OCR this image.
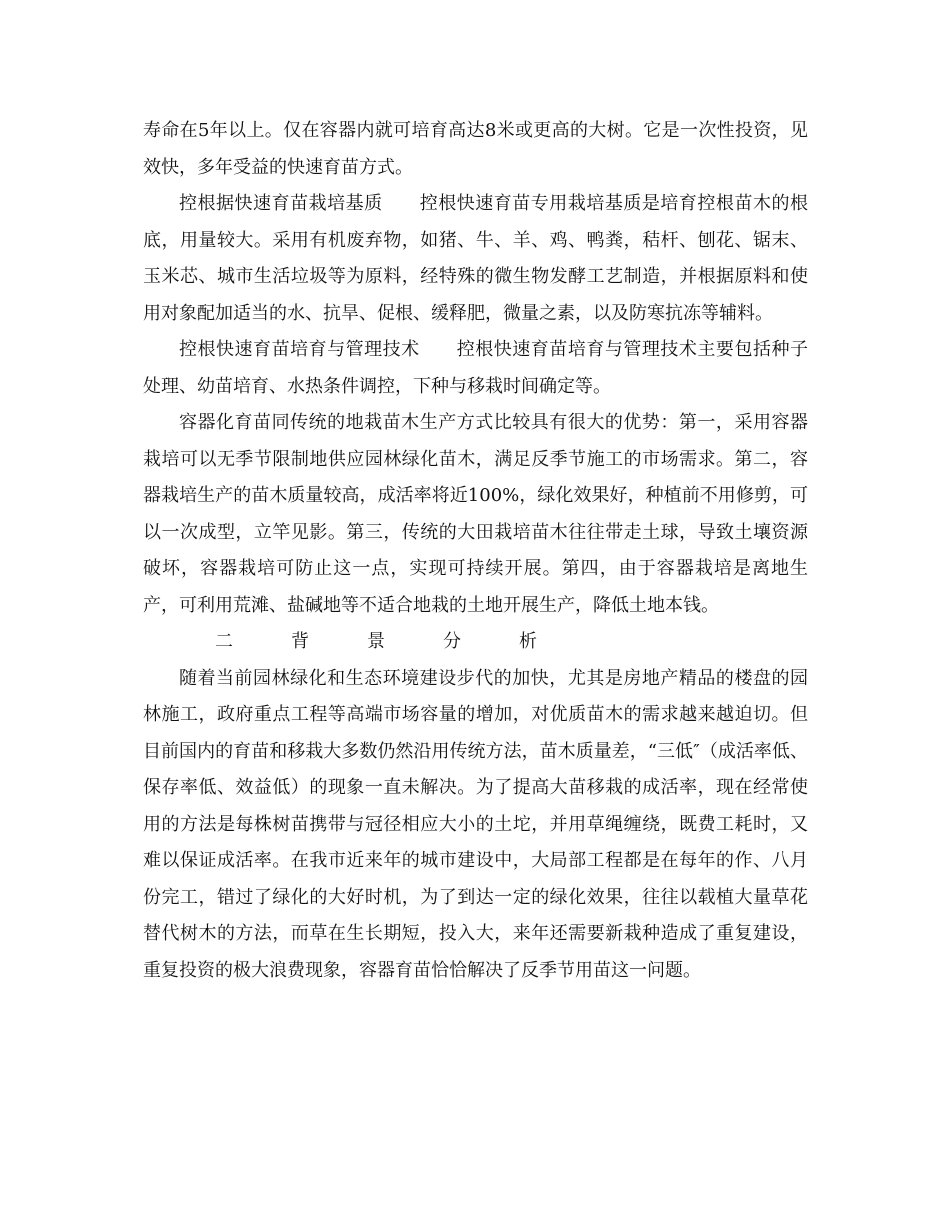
寿命在5年以上。仅在容器内就可培育高达8米或更高的大树。它是一次性投资，见效快，多年受益的快速育苗方式。

控根据快速育苗栽培基质　　控根快速育苗专用栽培基质是培育控根苗木的根底，用量较大。采用有机废弃物，如猪、牛、羊、鸡、鸭粪，秸杆、刨花、锯末、玉米芯、城市生活垃圾等为原料，经特殊的微生物发酵工艺制造，并根据原料和使用对象配加适当的水、抗旱、促根、缓释肥，微量之素，以及防寒抗冻等辅料。

控根快速育苗培育与管理技术　　控根快速育苗培育与管理技术主要包括种子处理、幼苗培育、水热条件调控，下种与移栽时间确定等。

容器化育苗同传统的地栽苗木生产方式比较具有很大的优势：第一，采用容器栽培可以无季节限制地供应园林绿化苗木，满足反季节施工的市场需求。第二，容器栽培生产的苗木质量较高，成活率将近100%，绿化效果好，种植前不用修剪，可以一次成型，立竿见影。第三，传统的大田栽培苗木往往带走土球，导致土壤资源破坏，容器栽培可防止这一点，实现可持续开展。第四，由于容器栽培是离地生产，可利用荒滩、盐碱地等不适合地栽的土地开展生产，降低土地本钱。

二	背	景	分	析

随着当前园林绿化和生态环境建设步代的加快，尤其是房地产精品的楼盘的园林施工，政府重点工程等高端市场容量的增加，对优质苗木的需求越来越迫切。但目前国内的育苗和移栽大多数仍然沿用传统方法，苗木质量差，“三低″（成活率低、保存率低、效益低）的现象一直未解决。为了提高大苗移栽的成活率，现在经常使用的方法是每株树苗携带与冠径相应大小的土坨，并用草绳缠绕，既费工耗时，又难以保证成活率。在我市近来年的城市建设中，大局部工程都是在每年的作、八月份完工，错过了绿化的大好时机，为了到达一定的绿化效果，往往以载植大量草花替代树木的方法，而草在生长期短，投入大，来年还需要新栽种造成了重复建设，重复投资的极大浪费现象，容器育苗恰恰解决了反季节用苗这一问题。
